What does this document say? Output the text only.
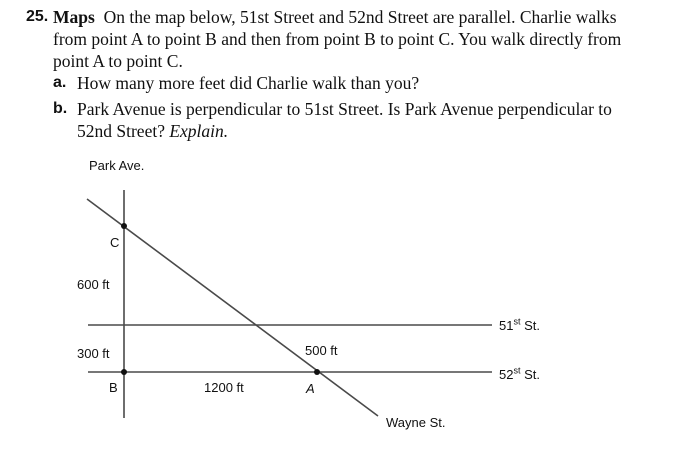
25. Maps On the map below, 51st Street and 52nd Street are parallel. Charlie walks
from point A to point B and then from point B to point C. You walk directly from
point A to point C.
a. How many more feet did Charlie walk than you?
b. Park Avenue is perpendicular to 51st Street. Is Park Avenue perpendicular to
52nd Street? Explain.
Park Ave.
C
600 ft
300 ft
B	1200 ft
500 ft
A
51st St.
52st St.
Wayne St.
